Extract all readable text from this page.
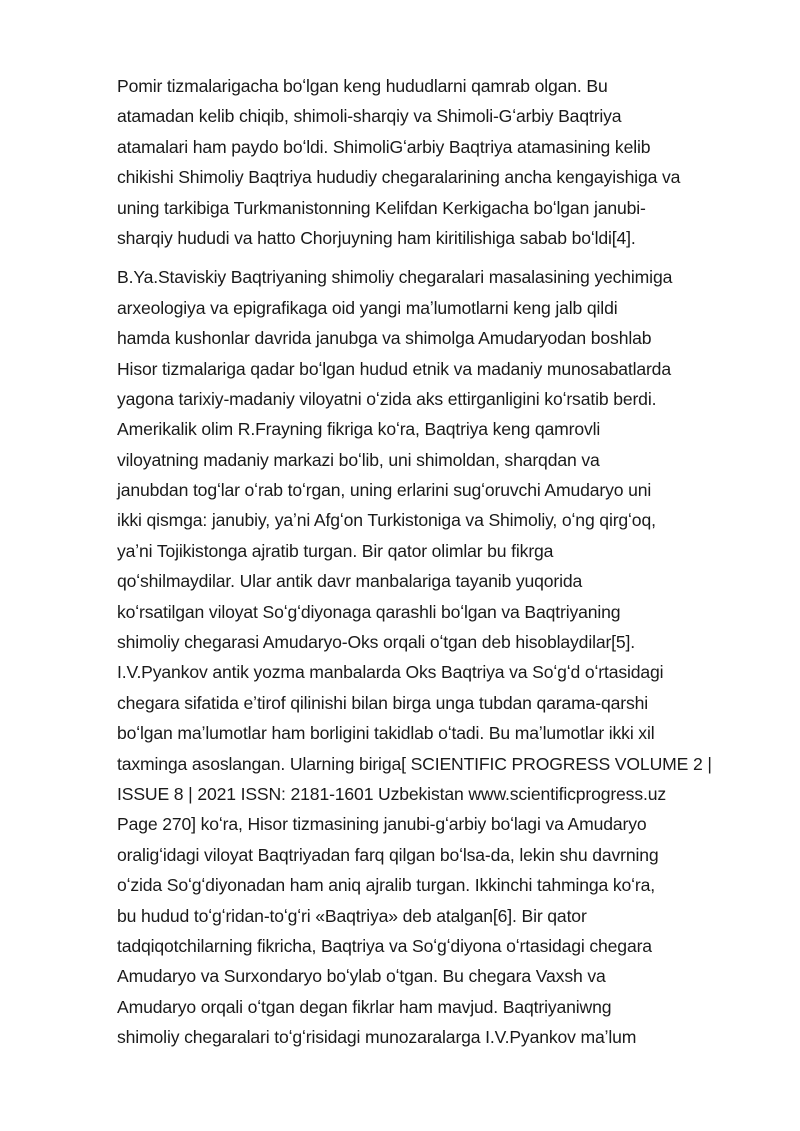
Pomir tizmalarigacha boʻlgan keng hududlarni qamrab olgan. Bu
atamadan kelib chiqib, shimoli-sharqiy va Shimoli-Gʻarbiy Baqtriya
atamalari ham paydo boʻldi. ShimoliGʻarbiy Baqtriya atamasining kelib
chikishi Shimoliy Baqtriya hududiy chegaralarining ancha kengayishiga va
uning tarkibiga Turkmanistonning Kelifdan Kerkigacha boʻlgan janubi-
sharqiy hududi va hatto Chorjuyning ham kiritilishiga sabab boʻldi[4].

B.Ya.Staviskiy Baqtriyaning shimoliy chegaralari masalasining yechimiga
arxeologiya va epigrafikaga oid yangi maʼlumotlarni keng jalb qildi
hamda kushonlar davrida janubga va shimolga Amudaryodan boshlab
Hisor tizmalariga qadar boʻlgan hudud etnik va madaniy munosabatlarda
yagona tarixiy-madaniy viloyatni oʻzida aks ettirganligini koʻrsatib berdi.
Amerikalik olim R.Frayning fikriga koʻra, Baqtriya keng qamrovli
viloyatning madaniy markazi boʻlib, uni shimoldan, sharqdan va
janubdan togʻlar oʻrab toʻrgan, uning erlarini sugʻoruvchi Amudaryo uni
ikki qismga: janubiy, yaʼni Afgʻon Turkistoniga va Shimoliy, oʻng qirgʻoq,
yaʼni Tojikistonga ajratib turgan. Bir qator olimlar bu fikrga
qoʻshilmaydilar. Ular antik davr manbalariga tayanib yuqorida
koʻrsatilgan viloyat Soʻgʻdiyonaga qarashli boʻlgan va Baqtriyaning
shimoliy chegarasi Amudaryo-Oks orqali oʻtgan deb hisoblaydilar[5].
I.V.Pyankov antik yozma manbalarda Oks Baqtriya va Soʻgʻd oʻrtasidagi
chegara sifatida eʼtirof qilinishi bilan birga unga tubdan qarama-qarshi
boʻlgan maʼlumotlar ham borligini takidlab oʻtadi. Bu maʼlumotlar ikki xil
taxminga asoslangan. Ularning biriga[ SCIENTIFIC PROGRESS VOLUME 2 |
ISSUE 8 | 2021 ISSN: 2181-1601 Uzbekistan www.scientificprogress.uz
Page 270] koʻra, Hisor tizmasining janubi-gʻarbiy boʻlagi va Amudaryo
oraligʻidagi viloyat Baqtriyadan farq qilgan boʻlsa-da, lekin shu davrning
oʻzida Soʻgʻdiyonadan ham aniq ajralib turgan. Ikkinchi tahminga koʻra,
bu hudud toʻgʻridan-toʻgʻri «Baqtriya» deb atalgan[6]. Bir qator
tadqiqotchilarning fikricha, Baqtriya va Soʻgʻdiyona oʻrtasidagi chegara
Amudaryo va Surxondaryo boʻylab oʻtgan. Bu chegara Vaxsh va
Amudaryo orqali oʻtgan degan fikrlar ham mavjud. Baqtriyaniwng
shimoliy chegaralari toʻgʻrisidagi munozaralarga I.V.Pyankov maʼlum
